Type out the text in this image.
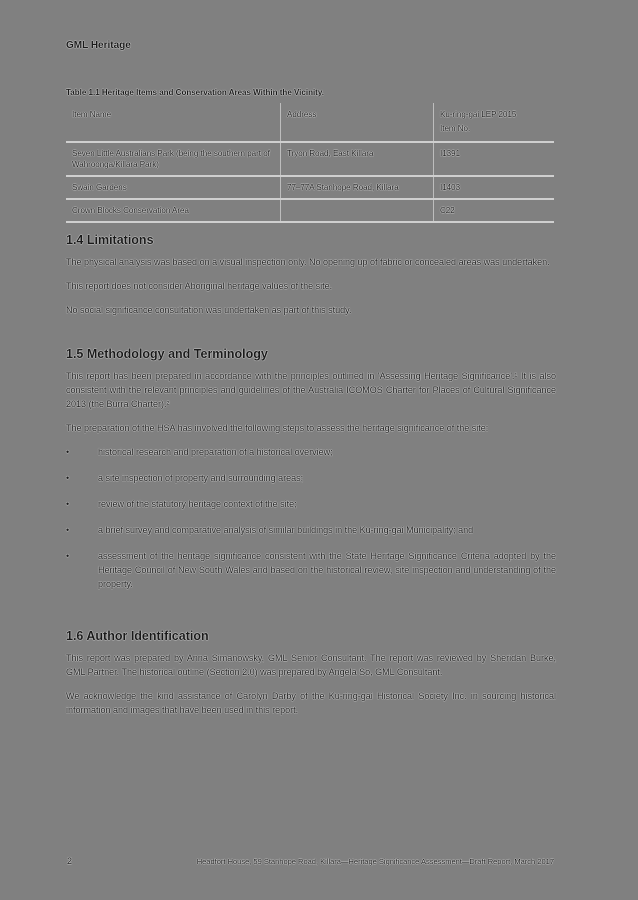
GML Heritage
Table 1.1 Heritage Items and Conservation Areas Within the Vicinity.
Item Name	Address	Ku-ring-gai LEP 2015
Item No.

Seven Little Australians Park (being the southern part of Wahroonga/Killara Park)	Tryon Road, East Killara	I1391
Swain Gardens	77–77A Stanhope Road, Killara	I1403
Crown Blocks Conservation Area		C22
1.4 Limitations

The physical analysis was based on a visual inspection only. No opening up of fabric or concealed areas was undertaken.

This report does not consider Aboriginal heritage values of the site.

No social significance consultation was undertaken as part of this study.

1.5 Methodology and Terminology

This report has been prepared in accordance with the principles outlined in 'Assessing Heritage Significance'.¹ It is also consistent with the relevant principles and guidelines of the Australia ICOMOS Charter for Places of Cultural Significance 2013 (the Burra Charter).²

The preparation of the HSA has involved the following steps to assess the heritage significance of the site:

•	historical research and preparation of a historical overview;
•	a site inspection of property and surrounding areas;
•	review of the statutory heritage context of the site;
•	a brief survey and comparative analysis of similar buildings in the Ku-ring-gai Municipality; and
•	assessment of the heritage significance consistent with the State Heritage Significance Criteria adopted by the Heritage Council of New South Wales and based on the historical review, site inspection and understanding of the property.
1.6 Author Identification

This report was prepared by Anna Simanowsky, GML Senior Consultant. The report was reviewed by Sheridan Burke, GML Partner. The historical outline (Section 2.0) was prepared by Angela So, GML Consultant.

We acknowledge the kind assistance of Carolyn Darby of the Ku-ring-gai Historical Society Inc. in sourcing historical information and images that have been used in this report.

2	Headfort House, 59 Stanhope Road, Killara—Heritage Significance Assessment—Draft Report, March 2017
